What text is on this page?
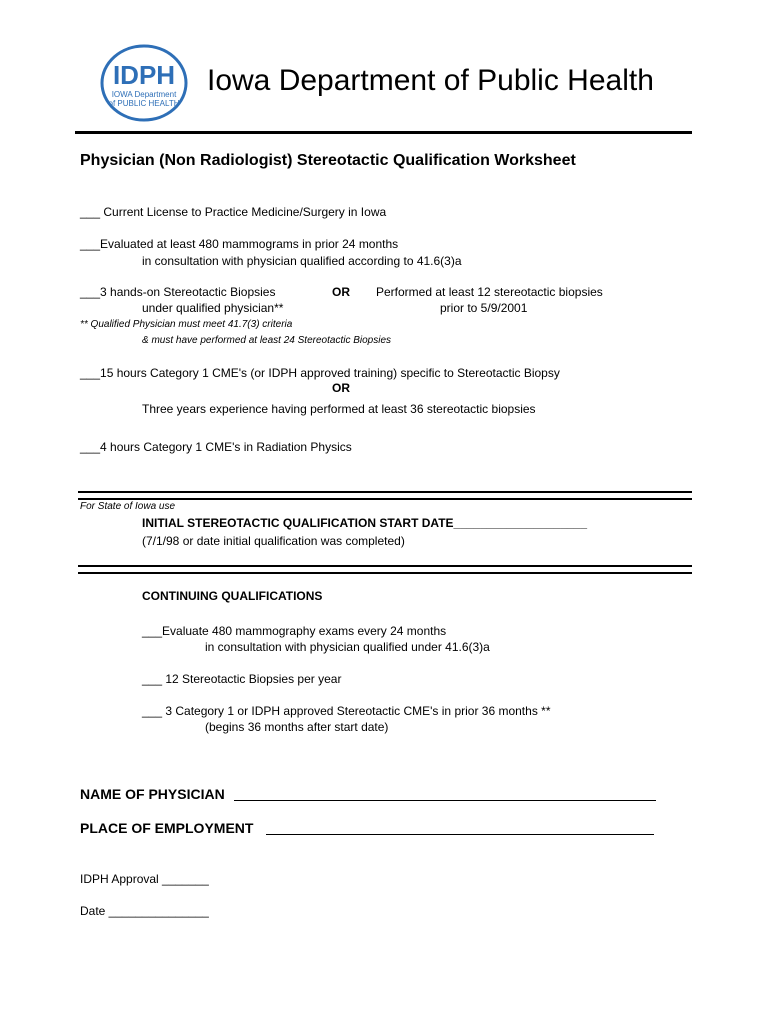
IDPH
IOWA Department
of PUBLIC HEALTH
Iowa Department of Public Health
Physician (Non Radiologist) Stereotactic Qualification Worksheet
___ Current License to Practice Medicine/Surgery in Iowa
___Evaluated at least 480 mammograms in prior 24 months
in consultation with physician qualified according to 41.6(3)a
___3 hands-on Stereotactic Biopsies
under qualified physician**
OR Performed at least 12 stereotactic biopsies
prior to 5/9/2001
** Qualified Physician must meet 41.7(3) criteria
& must have performed at least 24 Stereotactic Biopsies
___15 hours Category 1 CME's (or IDPH approved training) specific to Stereotactic Biopsy
OR
Three years experience having performed at least 36 stereotactic biopsies
___4 hours Category 1 CME's in Radiation Physics
For State of Iowa use
INITIAL STEREOTACTIC QUALIFICATION START DATE____________________
(7/1/98 or date initial qualification was completed)
CONTINUING QUALIFICATIONS
___Evaluate 480 mammography exams every 24 months
in consultation with physician qualified under 41.6(3)a
___ 12 Stereotactic Biopsies per year
___ 3 Category 1 or IDPH approved Stereotactic CME's in prior 36 months **
(begins 36 months after start date)
NAME OF PHYSICIAN
PLACE OF EMPLOYMENT
IDPH Approval _______
Date _______________
